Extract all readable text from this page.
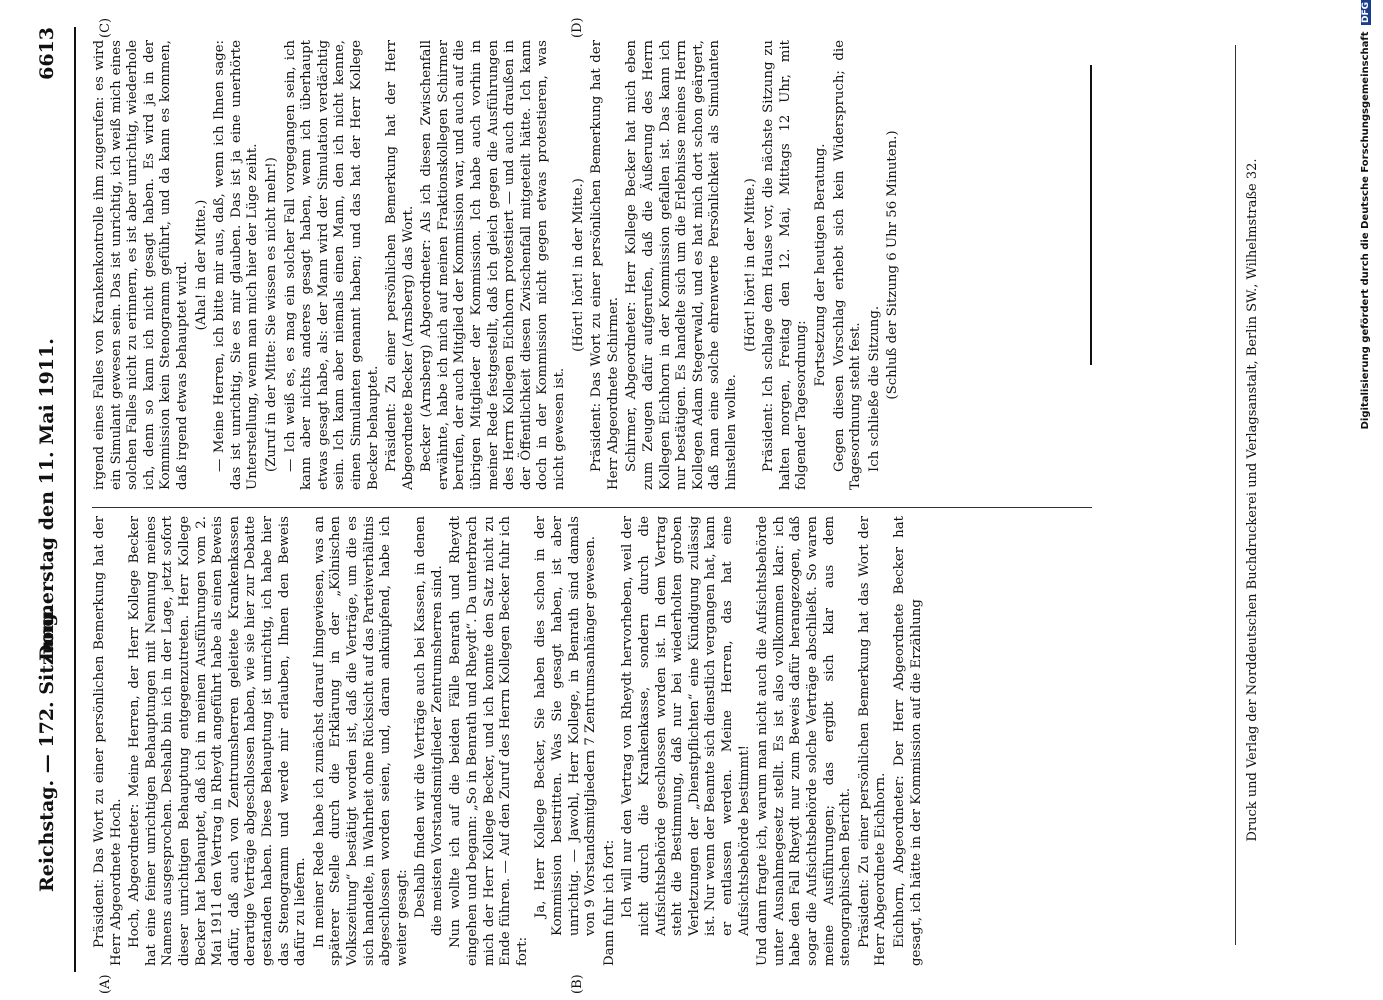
Reichstag. — 172. Sitzung.
Donnerstag den 11. Mai 1911.
6613
(A)	(B)
(C)	(D)

Präsident: Das Wort zu einer persönlichen Bemerkung hat der Herr Abgeordnete Hoch. Hoch, Abgeordneter: Meine Herren, der Herr Kollege Becker hat eine feiner unrichtigen Behauptungen mit Nennung meines Namens ausgesprochen. Deshalb bin ich in der Lage, jetzt sofort dieser unrichtigen Behauptung entgegenzutreten. Herr Kollege Becker hat behauptet, daß ich in meinen Ausführungen vom 2. Mai 1911 den Vertrag in Rheydt angeführt habe als einen Beweis dafür, daß auch von Zentrumsherren geleitete Krankenkassen derartige Verträge abgeschlossen haben, wie sie hier zur Debatte gestanden haben. Diese Behauptung ist unrichtig, ich habe hier das Stenogramm und werde mir erlauben, Ihnen den Beweis dafür zu liefern. In meiner Rede habe ich zunächst darauf hingewiesen, was an späterer Stelle durch die Erklärung in der „Kölnischen Volkszeitung“ bestätigt worden ist, daß die Verträge, um die es sich handelte, in Wahrheit ohne Rücksicht auf das Parteiverhältnis abgeschlossen worden seien, und, daran anknüpfend, habe ich weiter gesagt: Deshalb finden wir die Verträge auch bei Kassen, in denen die meisten Vorstandsmitglieder Zentrumsherren sind. Nun wollte ich auf die beiden Fälle Benrath und Rheydt eingehen und begann: „So in Benrath und Rheydt“. Da unterbrach mich der Herr Kollege Becker, und ich konnte den Satz nicht zu Ende führen. — Auf den Zuruf des Herrn Kollegen Becker fuhr ich fort:

Ja, Herr Kollege Becker, Sie haben dies schon in der Kommission bestritten. Was Sie gesagt haben, ist aber unrichtig. — Jawohl, Herr Kollege, in Benrath sind damals von 9 Vorstandsmitgliedern 7 Zentrumsanhänger gewesen. Dann fuhr ich fort: Ich will nur den Vertrag von Rheydt hervorheben, weil der nicht durch die Krankenkasse, sondern durch die Aufsichtsbehörde geschlossen worden ist. In dem Vertrag steht die Bestimmung, daß nur bei wiederholten groben Verletzungen der „Dienstpflichten“ eine Kündigung zulässig ist. Nur wenn der Beamte sich dienstlich vergangen hat, kann er entlassen werden. Meine Herren, das hat eine Aufsichtsbehörde bestimmt! Und dann fragte ich, warum man nicht auch die Aufsichtsbehörde unter Ausnahmegesetz stellt. Es ist also vollkommen klar: ich habe den Fall Rheydt nur zum Beweis dafür herangezogen, daß sogar die Aufsichtsbehörde solche Verträge abschließt. So waren meine Ausführungen; das ergibt sich klar aus dem stenographischen Bericht. Präsident: Zu einer persönlichen Bemerkung hat das Wort der Herr Abgeordnete Eichhorn. Eichhorn, Abgeordneter: Der Herr Abgeordnete Becker hat gesagt, ich hätte in der Kommission auf die Erzählung

irgend eines Falles von Krankenkontrolle ihm zugerufen: es wird ein Simulant gewesen sein. Das ist unrichtig, ich weiß mich eines solchen Falles nicht zu erinnern, es ist aber unrichtig, wiederhole ich, denn so kann ich nicht gesagt haben. Es wird ja in der Kommission kein Stenogramm geführt, und da kann es kommen, daß irgend etwas behauptet wird. (Aha! in der Mitte.) — Meine Herren, ich bitte mir aus, daß, wenn ich Ihnen sage: das ist unrichtig, Sie es mir glauben. Das ist ja eine unerhörte Unterstellung, wenn man mich hier der Lüge zeiht. (Zuruf in der Mitte: Sie wissen es nicht mehr!) — Ich weiß es, es mag ein solcher Fall vorgegangen sein, ich kann aber nichts anderes gesagt haben, wenn ich überhaupt etwas gesagt habe, als: der Mann wird der Simulation verdächtig sein. Ich kann aber niemals einen Mann, den ich nicht kenne, einen Simulanten genannt haben; und das hat der Herr Kollege Becker behauptet. Präsident: Zu einer persönlichen Bemerkung hat der Herr Abgeordnete Becker (Arnsberg) das Wort. Becker (Arnsberg) Abgeordneter: Als ich diesen Zwischenfall erwähnte, habe ich mich auf meinen Fraktionskollegen Schirmer berufen, der auch Mitglied der Kommission war, und auch auf die übrigen Mitglieder der Kommission. Ich habe auch vorhin in meiner Rede festgestellt, daß ich gleich gegen die Ausführungen des Herrn Kollegen Eichhorn protestiert — und auch draußen in der Öffentlichkeit diesen Zwischenfall mitgeteilt hätte. Ich kann doch in der Kommission nicht gegen etwas protestieren, was nicht gewesen ist.

(Hört! hört! in der Mitte.) Präsident: Das Wort zu einer persönlichen Bemerkung hat der Herr Abgeordnete Schirmer. Schirmer, Abgeordneter: Herr Kollege Becker hat mich eben zum Zeugen dafür aufgerufen, daß die Äußerung des Herrn Kollegen Eichhorn in der Kommission gefallen ist. Das kann ich nur bestätigen. Es handelte sich um die Erlebnisse meines Herrn Kollegen Adam Stegerwald, und es hat mich dort schon geärgert, daß man eine solche ehrenwerte Persönlichkeit als Simulanten hinstellen wollte.

(Hört! hört! in der Mitte.) Präsident: Ich schlage dem Hause vor, die nächste Sitzung zu halten morgen, Freitag den 12. Mai, Mittags 12 Uhr, mit folgender Tagesordnung:

Fortsetzung der heutigen Beratung. Gegen diesen Vorschlag erhebt sich kein Widerspruch; die Tagesordnung steht fest. Ich schließe die Sitzung. (Schluß der Sitzung 6 Uhr 56 Minuten.)	Druck und Verlag der Norddeutschen Buchdruckerei und Verlagsanstalt, Berlin SW., Wilhelmstraße 32.	Digitalisierung gefördert durch die Deutsche Forschungsgemeinschaft DFG
